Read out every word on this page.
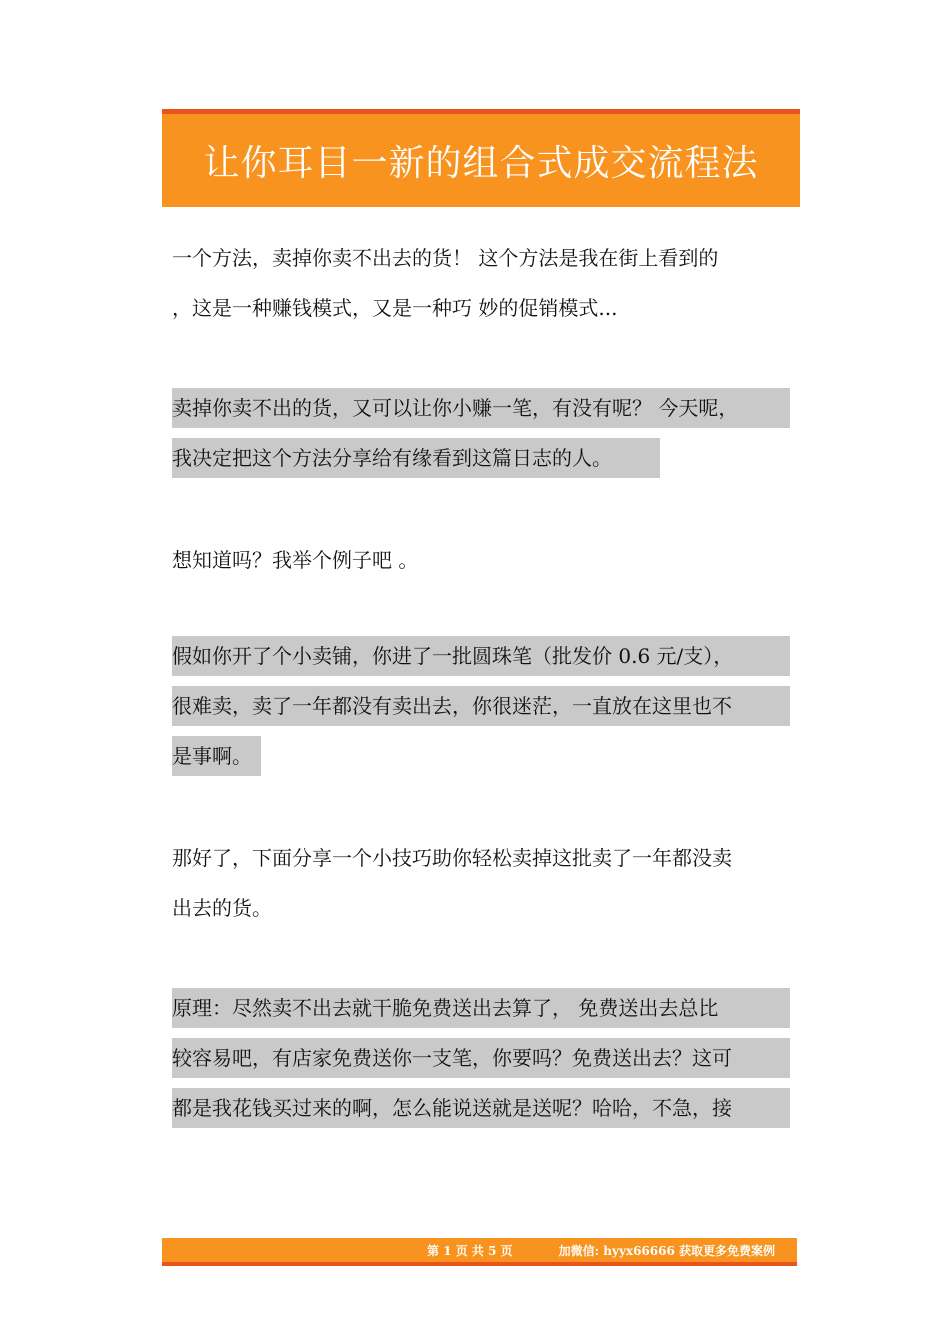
让你耳目一新的组合式成交流程法
一个方法，卖掉你卖不出去的货！ 这个方法是我在街上看到的
，这是一种赚钱模式，又是一种巧 妙的促销模式...
卖掉你卖不出的货，又可以让你小赚一笔，有没有呢？ 今天呢，
我决定把这个方法分享给有缘看到这篇日志的人。
想知道吗？我举个例子吧 。
假如你开了个小卖铺，你进了一批圆珠笔（批发价 0.6 元/支），
很难卖，卖了一年都没有卖出去，你很迷茫，一直放在这里也不
是事啊。
那好了，下面分享一个小技巧助你轻松卖掉这批卖了一年都没卖
出去的货。
原理：尽然卖不出去就干脆免费送出去算了， 免费送出去总比
较容易吧，有店家免费送你一支笔，你要吗？免费送出去？这可
都是我花钱买过来的啊，怎么能说送就是送呢？哈哈，不急，接
第 1 页 共 5 页	加微信: hyyx66666 获取更多免费案例
